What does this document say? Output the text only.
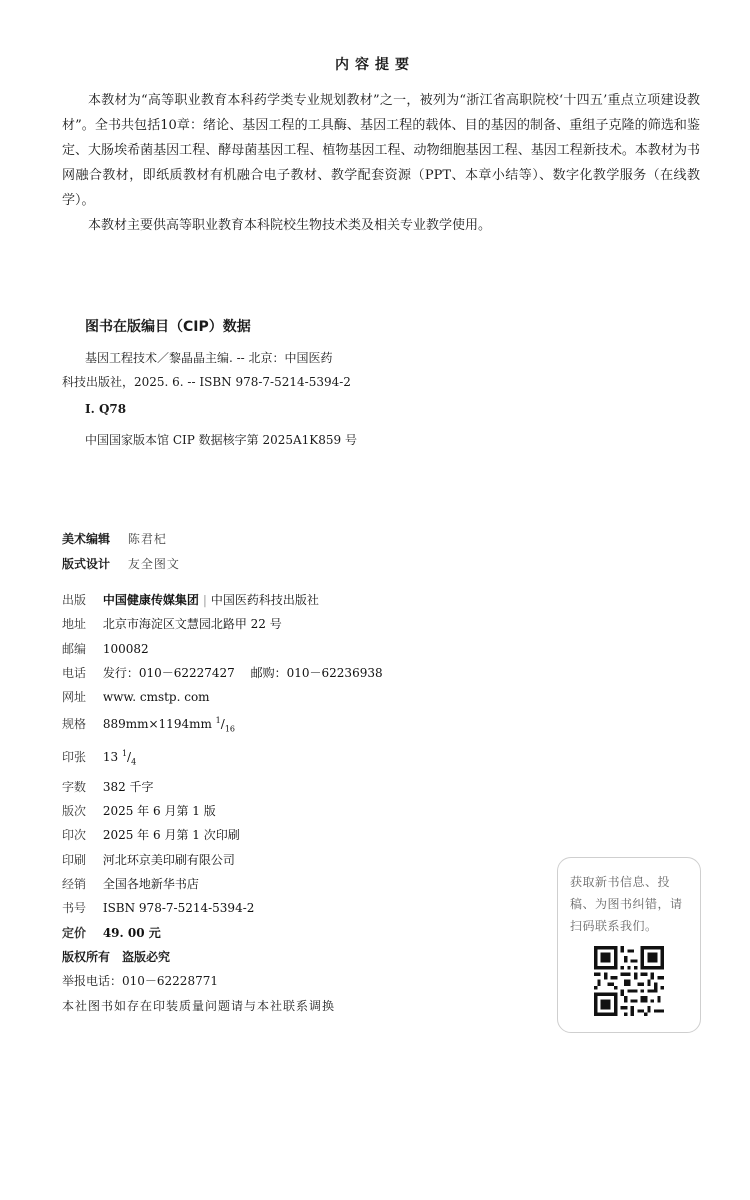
内容提要

本教材为“高等职业教育本科药学类专业规划教材”之一，被列为“浙江省高职院校‘十四五’重点立项建设教材”。全书共包括10章：绪论、基因工程的工具酶、基因工程的载体、目的基因的制备、重组子克隆的筛选和鉴定、大肠埃希菌基因工程、酵母菌基因工程、植物基因工程、动物细胞基因工程、基因工程新技术。本教材为书网融合教材，即纸质教材有机融合电子教材、教学配套资源（PPT、本章小结等）、数字化教学服务（在线教学）。

本教材主要供高等职业教育本科院校生物技术类及相关专业教学使用。

图书在版编目（CIP）数据
基因工程技术／黎晶晶主编. -- 北京：中国医药
科技出版社，2025. 6. -- ISBN 978-7-5214-5394-2
Ⅰ. Q78
中国国家版本馆 CIP 数据核字第 2025A1K859 号
美术编辑 陈君杞
版式设计 友全图文
出版 中国健康传媒集团 | 中国医药科技出版社
地址 北京市海淀区文慧园北路甲 22 号
邮编 100082
电话 发行：010－62227427　 邮购：010－62236938
网址 www. cmstp. com
规格 889mm×1194mm $^1/_{16}$
印张 13 $^1/_4$
字数 382 千字
版次 2025 年 6 月第 1 版
印次 2025 年 6 月第 1 次印刷
印刷 河北环京美印刷有限公司
经销 全国各地新华书店
书号 ISBN 978-7-5214-5394-2
定价 49. 00 元
版权所有　盗版必究
举报电话：010－62228771
本社图书如存在印装质量问题请与本社联系调换
获取新书信息、投稿、为图书纠错，请扫码联系我们。
